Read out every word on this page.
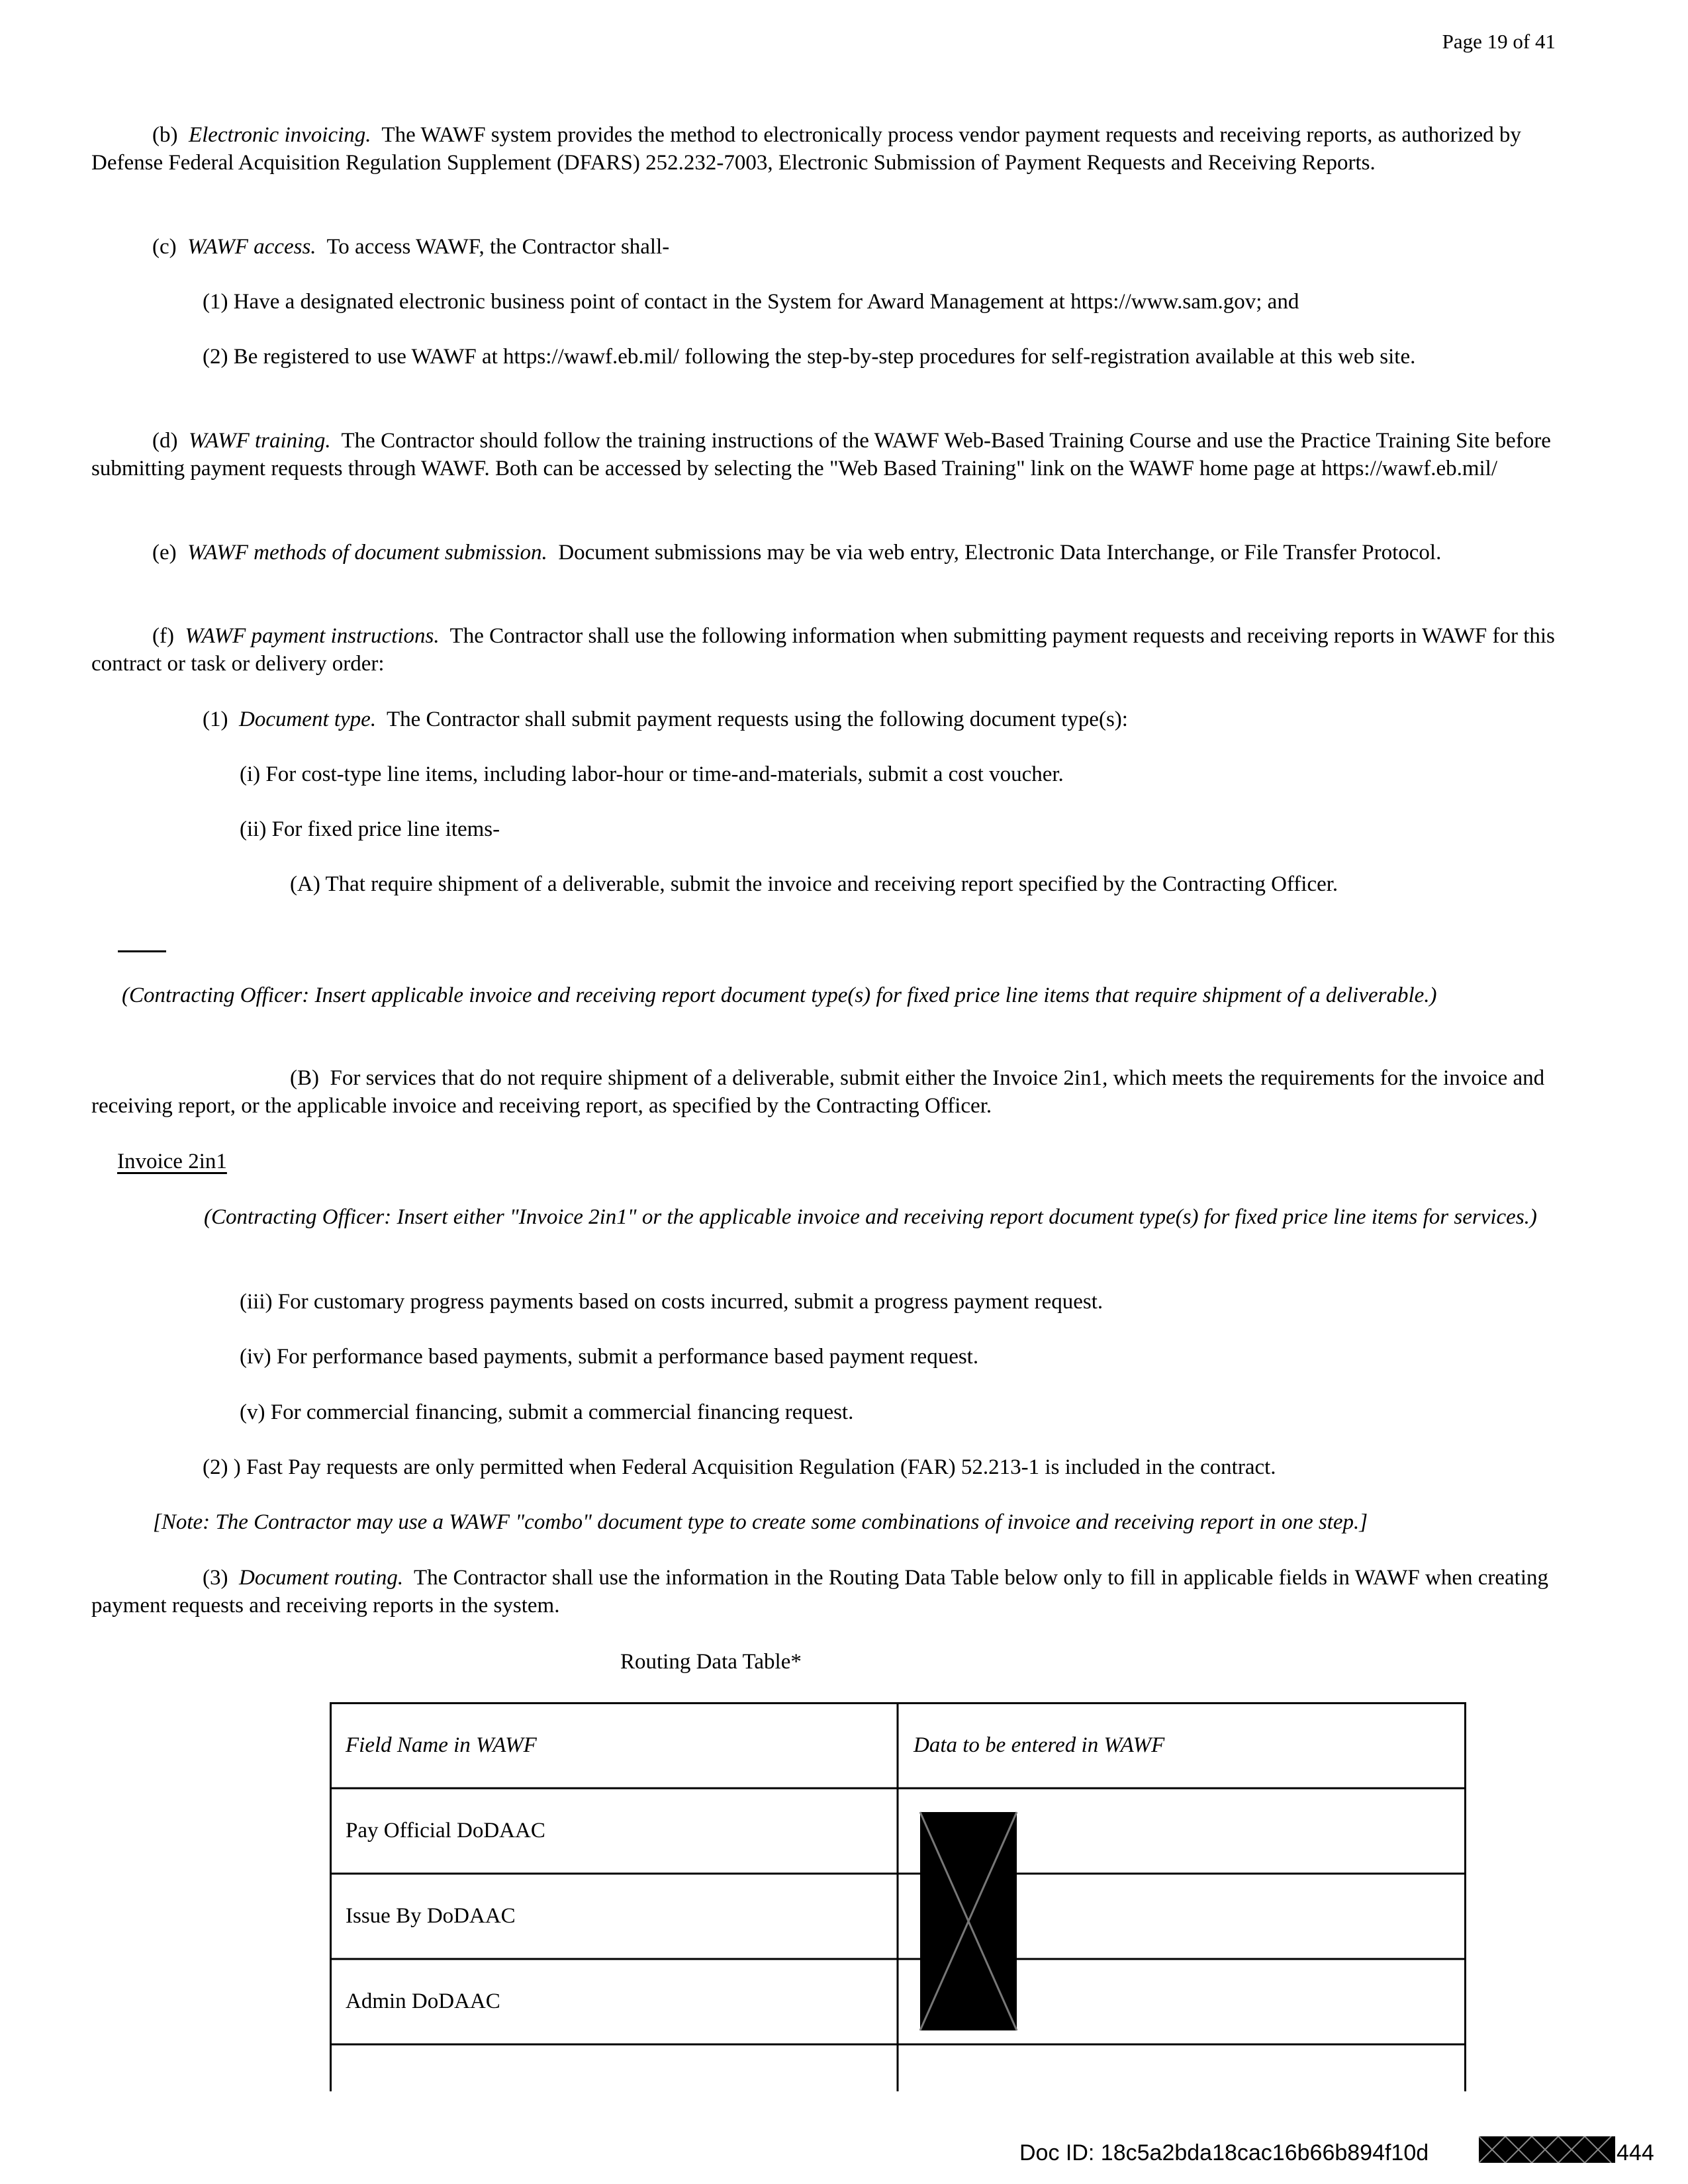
Page 19 of 41
(b) Electronic invoicing. The WAWF system provides the method to electronically process vendor payment requests and receiving reports, as authorized by Defense Federal Acquisition Regulation Supplement (DFARS) 252.232-7003, Electronic Submission of Payment Requests and Receiving Reports.
(c) WAWF access. To access WAWF, the Contractor shall-
(1) Have a designated electronic business point of contact in the System for Award Management at https://www.sam.gov; and
(2) Be registered to use WAWF at https://wawf.eb.mil/ following the step-by-step procedures for self-registration available at this web site.
(d) WAWF training. The Contractor should follow the training instructions of the WAWF Web-Based Training Course and use the Practice Training Site before submitting payment requests through WAWF. Both can be accessed by selecting the "Web Based Training" link on the WAWF home page at https://wawf.eb.mil/
(e) WAWF methods of document submission. Document submissions may be via web entry, Electronic Data Interchange, or File Transfer Protocol.
(f) WAWF payment instructions. The Contractor shall use the following information when submitting payment requests and receiving reports in WAWF for this contract or task or delivery order:
(1) Document type. The Contractor shall submit payment requests using the following document type(s):
(i) For cost-type line items, including labor-hour or time-and-materials, submit a cost voucher.
(ii) For fixed price line items-
(A) That require shipment of a deliverable, submit the invoice and receiving report specified by the Contracting Officer.
(Contracting Officer: Insert applicable invoice and receiving report document type(s) for fixed price line items that require shipment of a deliverable.)
(B) For services that do not require shipment of a deliverable, submit either the Invoice 2in1, which meets the requirements for the invoice and receiving report, or the applicable invoice and receiving report, as specified by the Contracting Officer.
Invoice 2in1
(Contracting Officer: Insert either "Invoice 2in1" or the applicable invoice and receiving report document type(s) for fixed price line items for services.)
(iii) For customary progress payments based on costs incurred, submit a progress payment request.
(iv) For performance based payments, submit a performance based payment request.
(v) For commercial financing, submit a commercial financing request.
(2) ) Fast Pay requests are only permitted when Federal Acquisition Regulation (FAR) 52.213-1 is included in the contract.
[Note: The Contractor may use a WAWF "combo" document type to create some combinations of invoice and receiving report in one step.]
(3) Document routing. The Contractor shall use the information in the Routing Data Table below only to fill in applicable fields in WAWF when creating payment requests and receiving reports in the system.
Routing Data Table*
Field Name in WAWF	Data to be entered in WAWF
Pay Official DoDAAC
Issue By DoDAAC
Admin DoDAAC
Doc ID: 18c5a2bda18cac16b66b894f10d	444
